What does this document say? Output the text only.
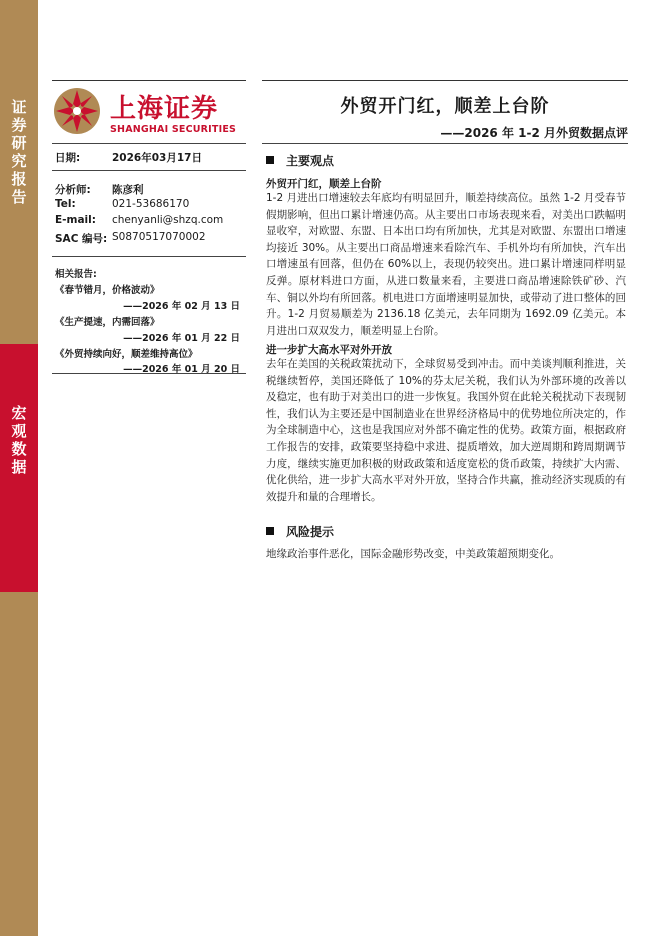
证
券
研
究
报
告
宏
观
数
据
上海证券
SHANGHAI SECURITIES
外贸开门红，顺差上台阶
——2026 年 1-2 月外贸数据点评
日期:	2026年03月17日
分析师: 陈彦利
Tel:	021-53686170
E-mail: chenyanli@shzq.com
SAC 编号: S0870517070002
相关报告:
《春节错月，价格波动》
——2026 年 02 月 13 日
《生产提速，内需回落》
——2026 年 01 月 22 日
《外贸持续向好，顺差维持高位》
——2026 年 01 月 20 日
主要观点
外贸开门红，顺差上台阶
1-2 月进出口增速较去年底均有明显回升，顺差持续高位。虽然 1-2 月受春节假期影响，但出口累计增速仍高。从主要出口市场表现来看，对美出口跌幅明显收窄，对欧盟、东盟、日本出口均有所加快，尤其是对欧盟、东盟出口增速均接近 30%。从主要出口商品增速来看除汽车、手机外均有所加快，汽车出口增速虽有回落，但仍在 60%以上，表现仍较突出。进口累计增速同样明显反弹。原材料进口方面，从进口数量来看，主要进口商品增速除铁矿砂、汽车、铜以外均有所回落。机电进口方面增速明显加快，或带动了进口整体的回升。1-2 月贸易顺差为 2136.18 亿美元，去年同期为 1692.09 亿美元。本月进出口双双发力，顺差明显上台阶。
进一步扩大高水平对外开放
去年在美国的关税政策扰动下，全球贸易受到冲击。而中美谈判顺利推进，关税继续暂停，美国还降低了 10%的芬太尼关税，我们认为外部环境的改善以及稳定，也有助于对美出口的进一步恢复。我国外贸在此轮关税扰动下表现韧性，我们认为主要还是中国制造业在世界经济格局中的优势地位所决定的，作为全球制造中心，这也是我国应对外部不确定性的优势。政策方面，根据政府工作报告的安排，政策要坚持稳中求进、提质增效，加大逆周期和跨周期调节力度，继续实施更加积极的财政政策和适度宽松的货币政策，持续扩大内需、优化供给，进一步扩大高水平对外开放，坚持合作共赢，推动经济实现质的有效提升和量的合理增长。
风险提示
地缘政治事件恶化，国际金融形势改变，中美政策超预期变化。
